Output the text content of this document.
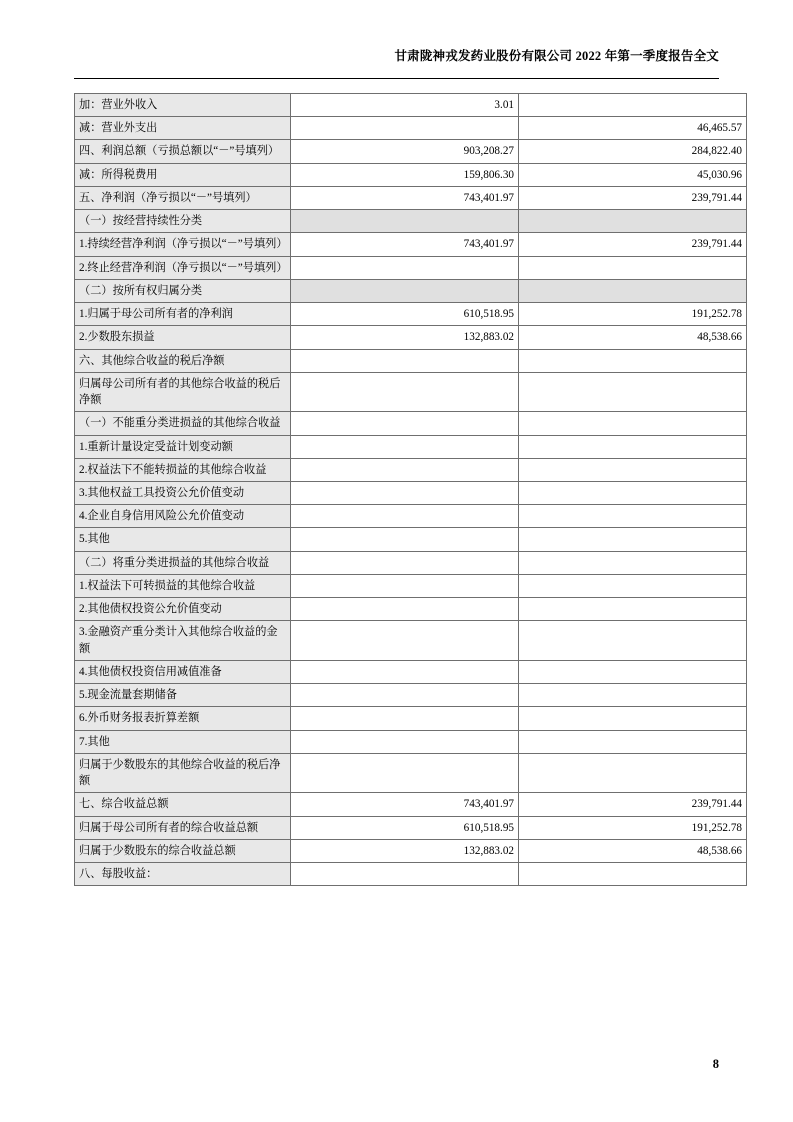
甘肃陇神戎发药业股份有限公司 2022 年第一季度报告全文
加：营业外收入	3.01	
减：营业外支出		46,465.57
四、利润总额（亏损总额以“－”号填列）	903,208.27	284,822.40
减：所得税费用	159,806.30	45,030.96
五、净利润（净亏损以“－”号填列）	743,401.97	239,791.44
（一）按经营持续性分类		
1.持续经营净利润（净亏损以“－”号填列）	743,401.97	239,791.44
2.终止经营净利润（净亏损以“－”号填列）		
（二）按所有权归属分类		
1.归属于母公司所有者的净利润	610,518.95	191,252.78
2.少数股东损益	132,883.02	48,538.66
六、其他综合收益的税后净额		
归属母公司所有者的其他综合收益的税后净额		
（一）不能重分类进损益的其他综合收益		
1.重新计量设定受益计划变动额		
2.权益法下不能转损益的其他综合收益		
3.其他权益工具投资公允价值变动		
4.企业自身信用风险公允价值变动		
5.其他		
（二）将重分类进损益的其他综合收益		
1.权益法下可转损益的其他综合收益		
2.其他债权投资公允价值变动		
3.金融资产重分类计入其他综合收益的金额		
4.其他债权投资信用减值准备		
5.现金流量套期储备		
6.外币财务报表折算差额		
7.其他		
归属于少数股东的其他综合收益的税后净额		
七、综合收益总额	743,401.97	239,791.44
归属于母公司所有者的综合收益总额	610,518.95	191,252.78
归属于少数股东的综合收益总额	132,883.02	48,538.66
八、每股收益：		
8
